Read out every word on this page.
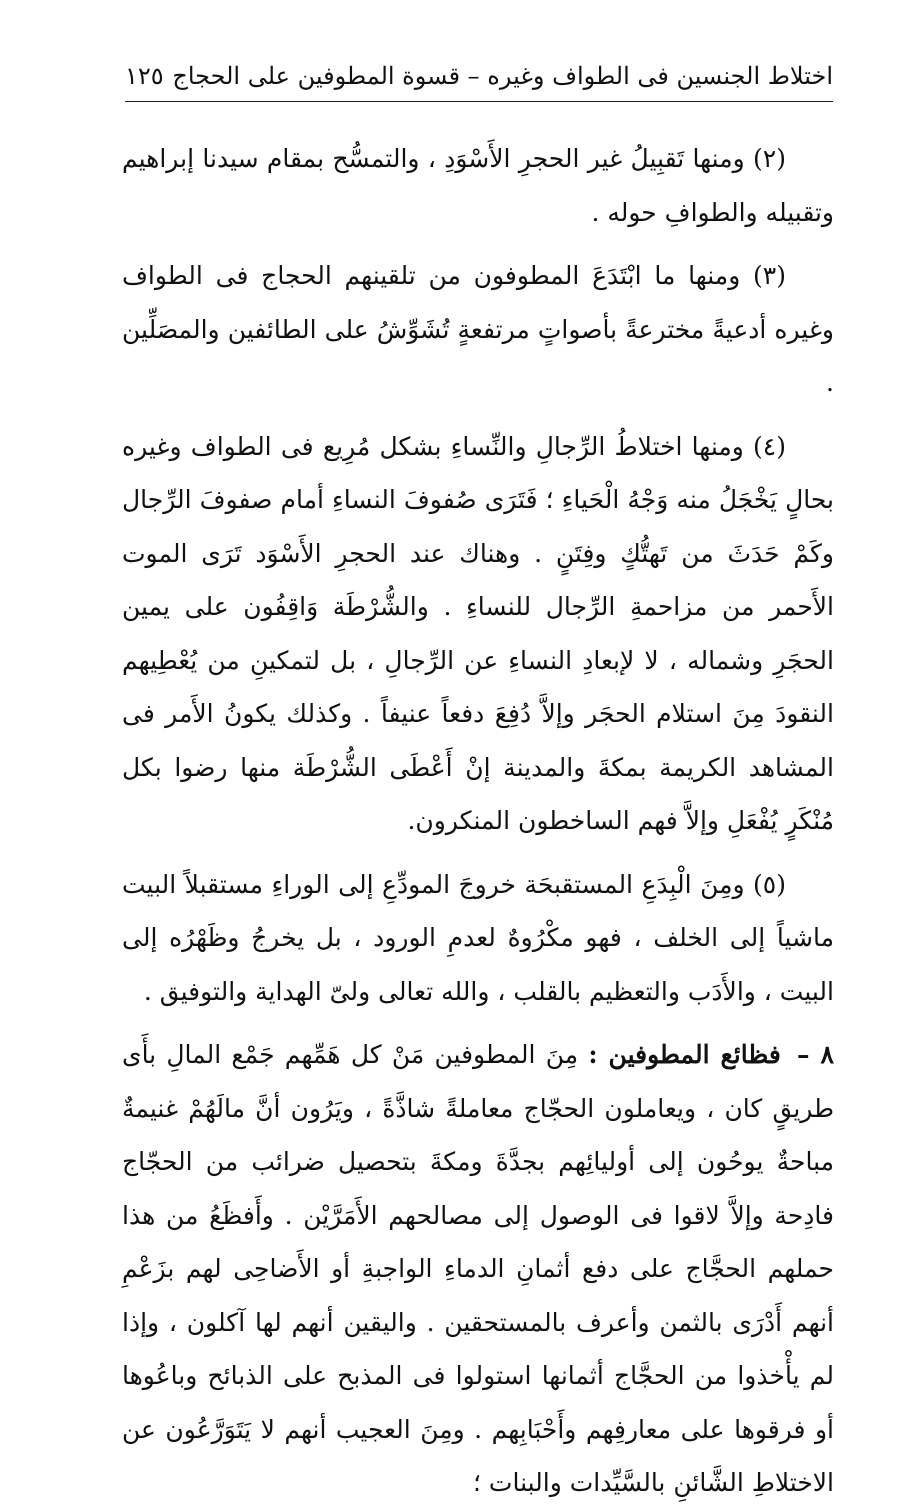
اختلاط الجنسين فى الطواف وغيره – قسوة المطوفين على الحجاج
١٢٥

(٢) ومنها تَقبِيلُ غير الحجرِ الأَسْوَدِ ، والتمسُّح بمقام سيدنا إبراهيم وتقبيله والطوافِ حوله .

(٣) ومنها ما ابْتَدَعَ المطوفون من تلقينهم الحجاج فى الطواف وغيره أدعيةً مخترعةً بأصواتٍ مرتفعةٍ تُشَوِّشُ على الطائفين والمصَلِّين .

(٤) ومنها اختلاطُ الرِّجالِ والنِّساءِ بشكل مُرِيع فى الطواف وغيره بحالٍ يَخْجَلُ منه وَجْهُ الْحَياءِ ؛ فَتَرَى صُفوفَ النساءِ أمام صفوفَ الرِّجال وكَمْ حَدَثَ من تَهتُّكٍ وفِتَنٍ . وهناك عند الحجرِ الأَسْوَد تَرَى الموت الأَحمر من مزاحمةِ الرِّجال للنساءِ . والشُّرْطَة وَاقِفُون على يمين الحجَرِ وشماله ، لا لإبعادِ النساءِ عن الرِّجالِ ، بل لتمكينِ من يُعْطِيهم النقودَ مِنَ استلام الحجَر وإلاَّ دُفِعَ دفعاً عنيفاً . وكذلك يكونُ الأَمر فى المشاهد الكريمة بمكةَ والمدينة إنْ أَعْطَى الشُّرْطَة منها رضوا بكل مُنْكَرٍ يُفْعَلِ وإلاَّ فهم الساخطون المنكرون.

(٥) ومِنَ الْبِدَعِ المستقبحَة خروجَ المودِّعِ إلى الوراءِ مستقبلاً البيت ماشياً إلى الخلف ، فهو مكْرُوهٌ لعدمِ الورود ، بل يخرجُ وظَهْرُه إلى البيت ، والأَدَب والتعظيم بالقلب ، والله تعالى ولىّ الهداية والتوفيق .

٨ – فظائع المطوفين : مِنَ المطوفين مَنْ كل هَمِّهم جَمْع المالِ بأَى طريقٍ كان ، ويعاملون الحجّاج معاملةً شاذَّةً ، ويَرُون أنَّ مالَهُمْ غنيمةٌ مباحةٌ يوحُون إلى أوليائِهم بجدَّةَ ومكةَ بتحصيل ضرائب من الحجّاج فادِحة وإلاَّ لاقوا فى الوصول إلى مصالحهم الأَمَرَّيْن . وأَفظَعُ من هذا حملهم الحجَّاج على دفع أثمانِ الدماءِ الواجبةِ أو الأَضاحِى لهم بزَعْمِ أنهم أَدْرَى بالثمن وأعرف بالمستحقين . واليقين أنهم لها آكلون ، وإذا لم يأْخذوا من الحجَّاج أثمانها استولوا فى المذبح على الذبائح وباعُوها أو فرقوها على معارفِهم وأَحْبَابِهم . ومِنَ العجيب أنهم لا يَتَوَرَّعُون عن الاختلاطِ الشَّائنِ بالسَّيِّدات والبنات ؛
